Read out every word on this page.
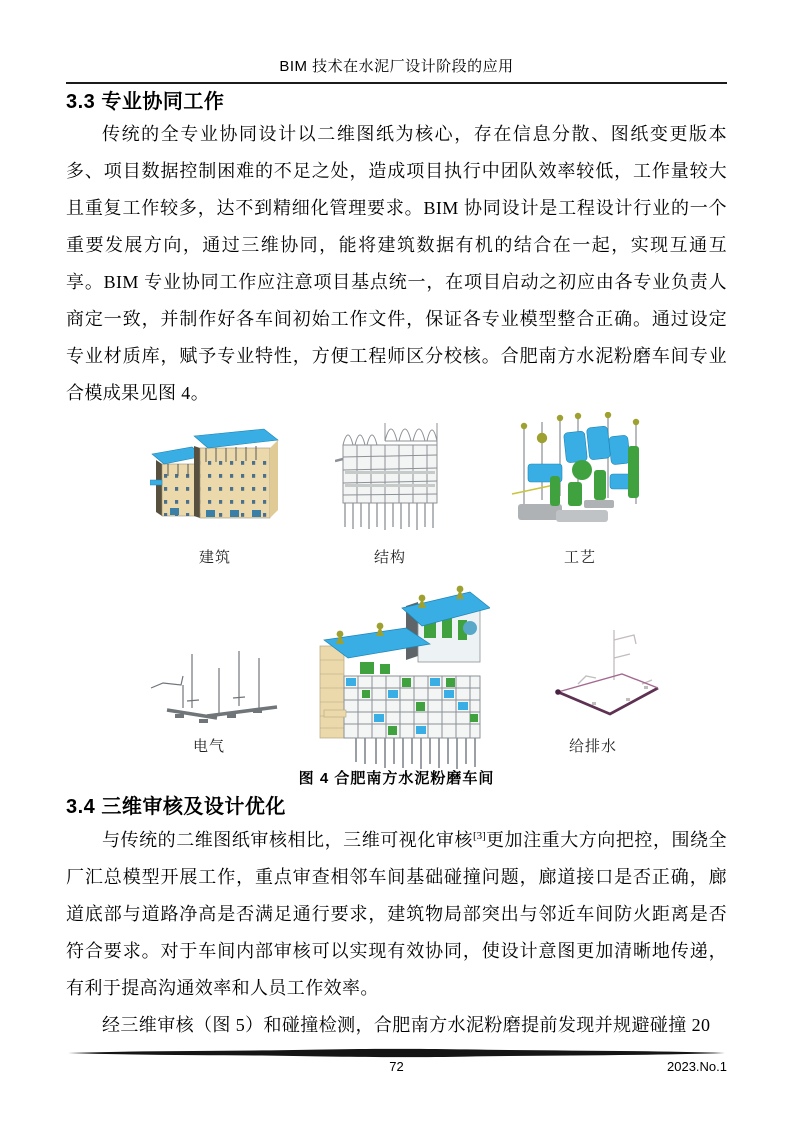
BIM 技术在水泥厂设计阶段的应用
3.3 专业协同工作

传统的全专业协同设计以二维图纸为核心，存在信息分散、图纸变更版本多、项目数据控制困难的不足之处，造成项目执行中团队效率较低，工作量较大且重复工作较多，达不到精细化管理要求。BIM 协同设计是工程设计行业的一个重要发展方向，通过三维协同，能将建筑数据有机的结合在一起，实现互通互享。BIM 专业协同工作应注意项目基点统一，在项目启动之初应由各专业负责人商定一致，并制作好各车间初始工作文件，保证各专业模型整合正确。通过设定专业材质库，赋予专业特性，方便工程师区分校核。合肥南方水泥粉磨车间专业合模成果见图 4。

建筑	结构	工艺
电气	给排水

图 4 合肥南方水泥粉磨车间

3.4 三维审核及设计优化

与传统的二维图纸审核相比，三维可视化审核[3]更加注重大方向把控，围绕全厂汇总模型开展工作，重点审查相邻车间基础碰撞问题，廊道接口是否正确，廊道底部与道路净高是否满足通行要求，建筑物局部突出与邻近车间防火距离是否符合要求。对于车间内部审核可以实现有效协同，使设计意图更加清晰地传递，有利于提高沟通效率和人员工作效率。

经三维审核（图 5）和碰撞检测，合肥南方水泥粉磨提前发现并规避碰撞 20

72	2023.No.1
